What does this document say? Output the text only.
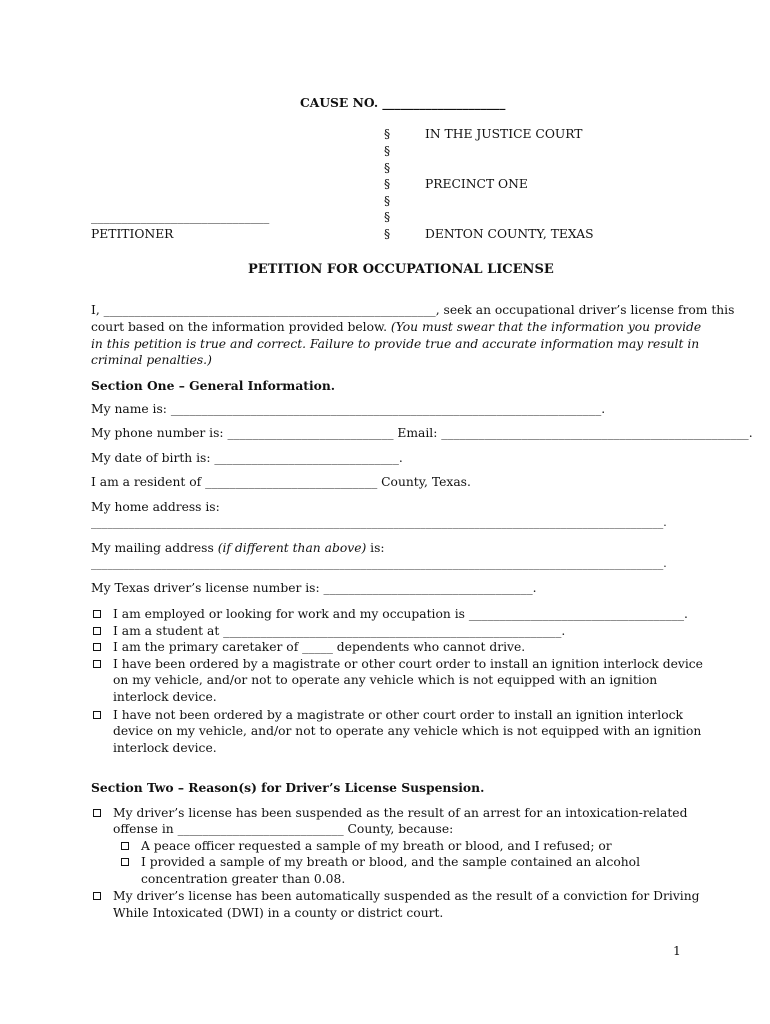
CAUSE NO. ____________________
§
§
§
§
§
§
§
IN THE JUSTICE COURT
PRECINCT ONE
DENTON COUNTY, TEXAS
_____________________________
PETITIONER
PETITION FOR OCCUPATIONAL LICENSE
I, ______________________________________________________, seek an occupational driver’s license from this
court based on the information provided below. (You must swear that the information you provide
in this petition is true and correct. Failure to provide true and accurate information may result in
criminal penalties.)
Section One – General Information.
My name is: ______________________________________________________________________.
My phone number is: ___________________________ Email: __________________________________________________.
My date of birth is: ______________________________.
I am a resident of ____________________________ County, Texas.
My home address is:
__________________________________________________________________________________________________________.
My mailing address (if different than above) is:
__________________________________________________________________________________________________________.
My Texas driver’s license number is: __________________________________.
I am employed or looking for work and my occupation is ___________________________________.
I am a student at _______________________________________________________.
I am the primary caretaker of _____ dependents who cannot drive.
I have been ordered by a magistrate or other court order to install an ignition interlock device
on my vehicle, and/or not to operate any vehicle which is not equipped with an ignition
interlock device.
I have not been ordered by a magistrate or other court order to install an ignition interlock
device on my vehicle, and/or not to operate any vehicle which is not equipped with an ignition
interlock device.
Section Two – Reason(s) for Driver’s License Suspension.
My driver’s license has been suspended as the result of an arrest for an intoxication-related
offense in ___________________________ County, because:
A peace officer requested a sample of my breath or blood, and I refused; or
I provided a sample of my breath or blood, and the sample contained an alcohol
concentration greater than 0.08.
My driver’s license has been automatically suspended as the result of a conviction for Driving
While Intoxicated (DWI) in a county or district court.
1
